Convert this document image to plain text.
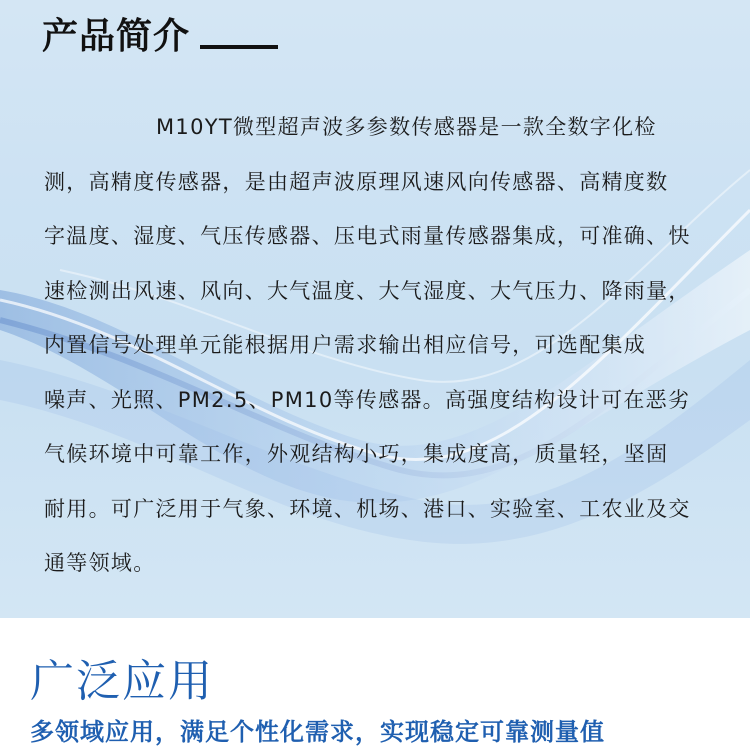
产品简介
M10YT微型超声波多参数传感器是一款全数字化检
测，高精度传感器，是由超声波原理风速风向传感器、高精度数
字温度、湿度、气压传感器、压电式雨量传感器集成，可准确、快
速检测出风速、风向、大气温度、大气湿度、大气压力、降雨量，
内置信号处理单元能根据用户需求输出相应信号，可选配集成
噪声、光照、PM2.5、PM10等传感器。高强度结构设计可在恶劣
气候环境中可靠工作，外观结构小巧，集成度高，质量轻，坚固
耐用。可广泛用于气象、环境、机场、港口、实验室、工农业及交
通等领域。
广泛应用
多领域应用，满足个性化需求，实现稳定可靠测量值
